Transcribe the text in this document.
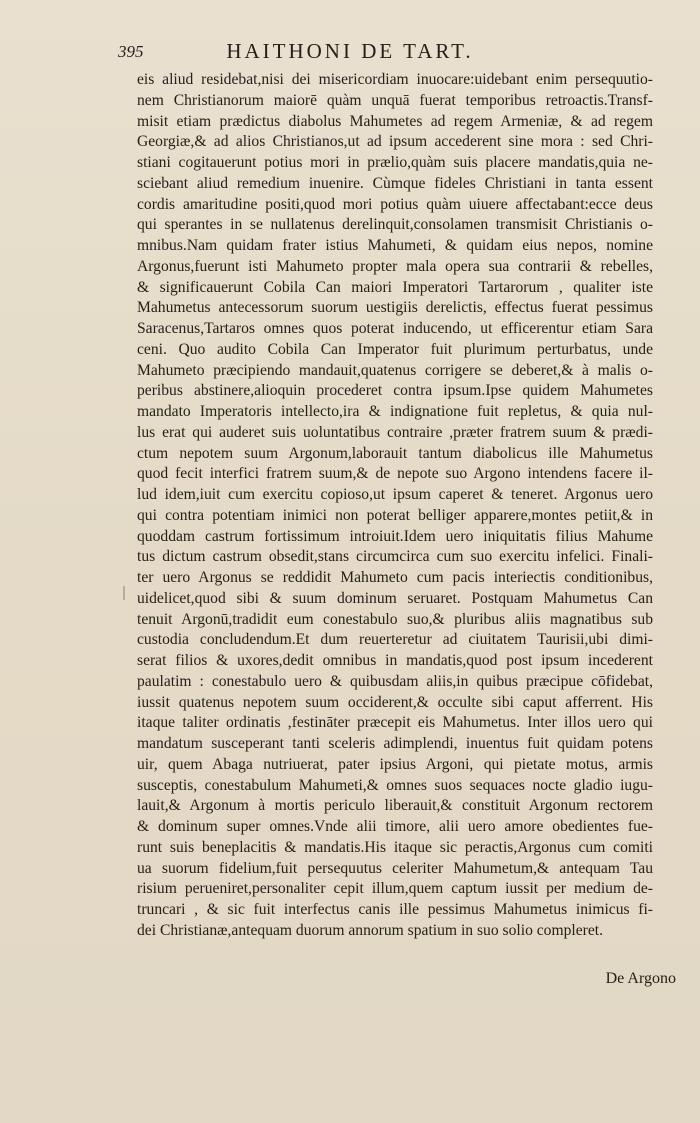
395	HAITHONI DE TART.
eis aliud residebat,nisi dei misericordiam inuocare:uidebant enim persequutio-
nem Christianorum maiorē quàm unquā fuerat temporibus retroactis.Transf-
misit etiam prædictus diabolus Mahumetes ad regem Armeniæ, & ad regem
Georgiæ,& ad alios Christianos,ut ad ipsum accederent sine mora : sed Chri-
stiani cogitauerunt potius mori in prælio,quàm suis placere mandatis,quia ne-
sciebant aliud remedium inuenire. Cùmque fideles Christiani in tanta essent
cordis amaritudine positi,quod mori potius quàm uiuere affectabant:ecce deus
qui sperantes in se nullatenus derelinquit,consolamen transmisit Christianis o-
mnibus.Nam quidam frater istius Mahumeti, & quidam eius nepos, nomine
Argonus,fuerunt isti Mahumeto propter mala opera sua contrarii & rebelles,
& significauerunt Cobila Can maiori Imperatori Tartarorum , qualiter iste
Mahumetus antecessorum suorum uestigiis derelictis, effectus fuerat pessimus
Saracenus,Tartaros omnes quos poterat inducendo, ut efficerentur etiam Sara
ceni. Quo audito Cobila Can Imperator fuit plurimum perturbatus, unde
Mahumeto præcipiendo mandauit,quatenus corrigere se deberet,& à malis o-
peribus abstinere,alioquin procederet contra ipsum.Ipse quidem Mahumetes
mandato Imperatoris intellecto,ira & indignatione fuit repletus, & quia nul-
lus erat qui auderet suis uoluntatibus contraire ,præter fratrem suum & prædi-
ctum nepotem suum Argonum,laborauit tantum diabolicus ille Mahumetus
quod fecit interfici fratrem suum,& de nepote suo Argono intendens facere il-
lud idem,iuit cum exercitu copioso,ut ipsum caperet & teneret. Argonus uero
qui contra potentiam inimici non poterat belliger apparere,montes petiit,& in
quoddam castrum fortissimum introiuit.Idem uero iniquitatis filius Mahume
tus dictum castrum obsedit,stans circumcirca cum suo exercitu infelici. Finali-
ter uero Argonus se reddidit Mahumeto cum pacis interiectis conditionibus,
uidelicet,quod sibi & suum dominum seruaret. Postquam Mahumetus Can
tenuit Argonū,tradidit eum conestabulo suo,& pluribus aliis magnatibus sub
custodia concludendum.Et dum reuerteretur ad ciuitatem Taurisii,ubi dimi-
serat filios & uxores,dedit omnibus in mandatis,quod post ipsum incederent
paulatim : conestabulo uero & quibusdam aliis,in quibus præcipue cōfidebat,
iussit quatenus nepotem suum occiderent,& occulte sibi caput afferrent. His
itaque taliter ordinatis ,festināter præcepit eis Mahumetus. Inter illos uero qui
mandatum susceperant tanti sceleris adimplendi, inuentus fuit quidam potens
uir, quem Abaga nutriuerat, pater ipsius Argoni, qui pietate motus, armis
susceptis, conestabulum Mahumeti,& omnes suos sequaces nocte gladio iugu-
lauit,& Argonum à mortis periculo liberauit,& constituit Argonum rectorem
& dominum super omnes.Vnde alii timore, alii uero amore obedientes fue-
runt suis beneplacitis & mandatis.His itaque sic peractis,Argonus cum comiti
ua suorum fidelium,fuit persequutus celeriter Mahumetum,& antequam Tau
risium perueniret,personaliter cepit illum,quem captum iussit per medium de-
truncari , & sic fuit interfectus canis ille pessimus Mahumetus inimicus fi-
dei Christianæ,antequam duorum annorum spatium in suo solio compleret.
De Argono
